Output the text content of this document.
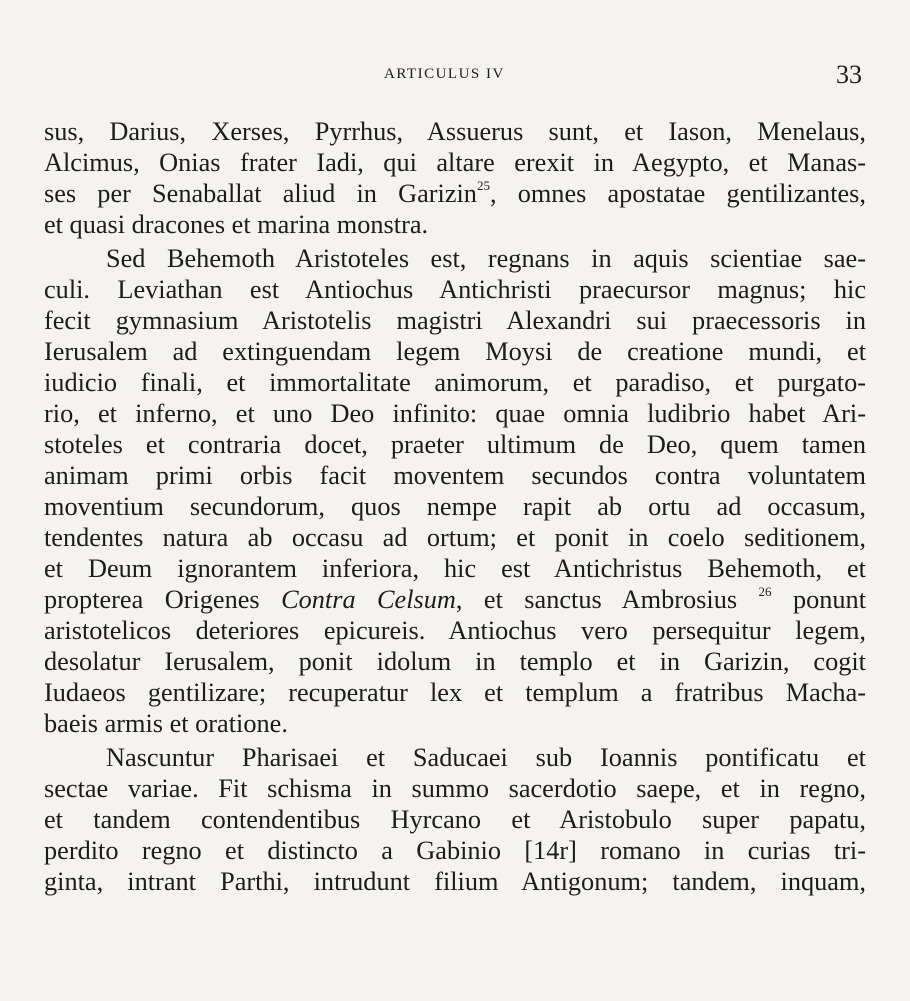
ARTICULUS IV	33
sus, Darius, Xerses, Pyrrhus, Assuerus sunt, et Iason, Menelaus,
Alcimus, Onias frater Iadi, qui altare erexit in Aegypto, et Manas-
ses per Senaballat aliud in Garizin$^{25}$, omnes apostatae gentilizantes,
et quasi dracones et marina monstra.
Sed Behemoth Aristoteles est, regnans in aquis scientiae sae-
culi. Leviathan est Antiochus Antichristi praecursor magnus; hic
fecit gymnasium Aristotelis magistri Alexandri sui praecessoris in
Ierusalem ad extinguendam legem Moysi de creatione mundi, et
iudicio finali, et immortalitate animorum, et paradiso, et purgato-
rio, et inferno, et uno Deo infinito: quae omnia ludibrio habet Ari-
stoteles et contraria docet, praeter ultimum de Deo, quem tamen
animam primi orbis facit moventem secundos contra voluntatem
moventium secundorum, quos nempe rapit ab ortu ad occasum,
tendentes natura ab occasu ad ortum; et ponit in coelo seditionem,
et Deum ignorantem inferiora, hic est Antichristus Behemoth, et
propterea Origenes Contra Celsum, et sanctus Ambrosius $^{26}$ ponunt
aristotelicos deteriores epicureis. Antiochus vero persequitur legem,
desolatur Ierusalem, ponit idolum in templo et in Garizin, cogit
Iudaeos gentilizare; recuperatur lex et templum a fratribus Macha-
baeis armis et oratione.
Nascuntur Pharisaei et Saducaei sub Ioannis pontificatu et
sectae variae. Fit schisma in summo sacerdotio saepe, et in regno,
et tandem contendentibus Hyrcano et Aristobulo super papatu,
perdito regno et distincto a Gabinio [14r] romano in curias tri-
ginta, intrant Parthi, intrudunt filium Antigonum; tandem, inquam,
